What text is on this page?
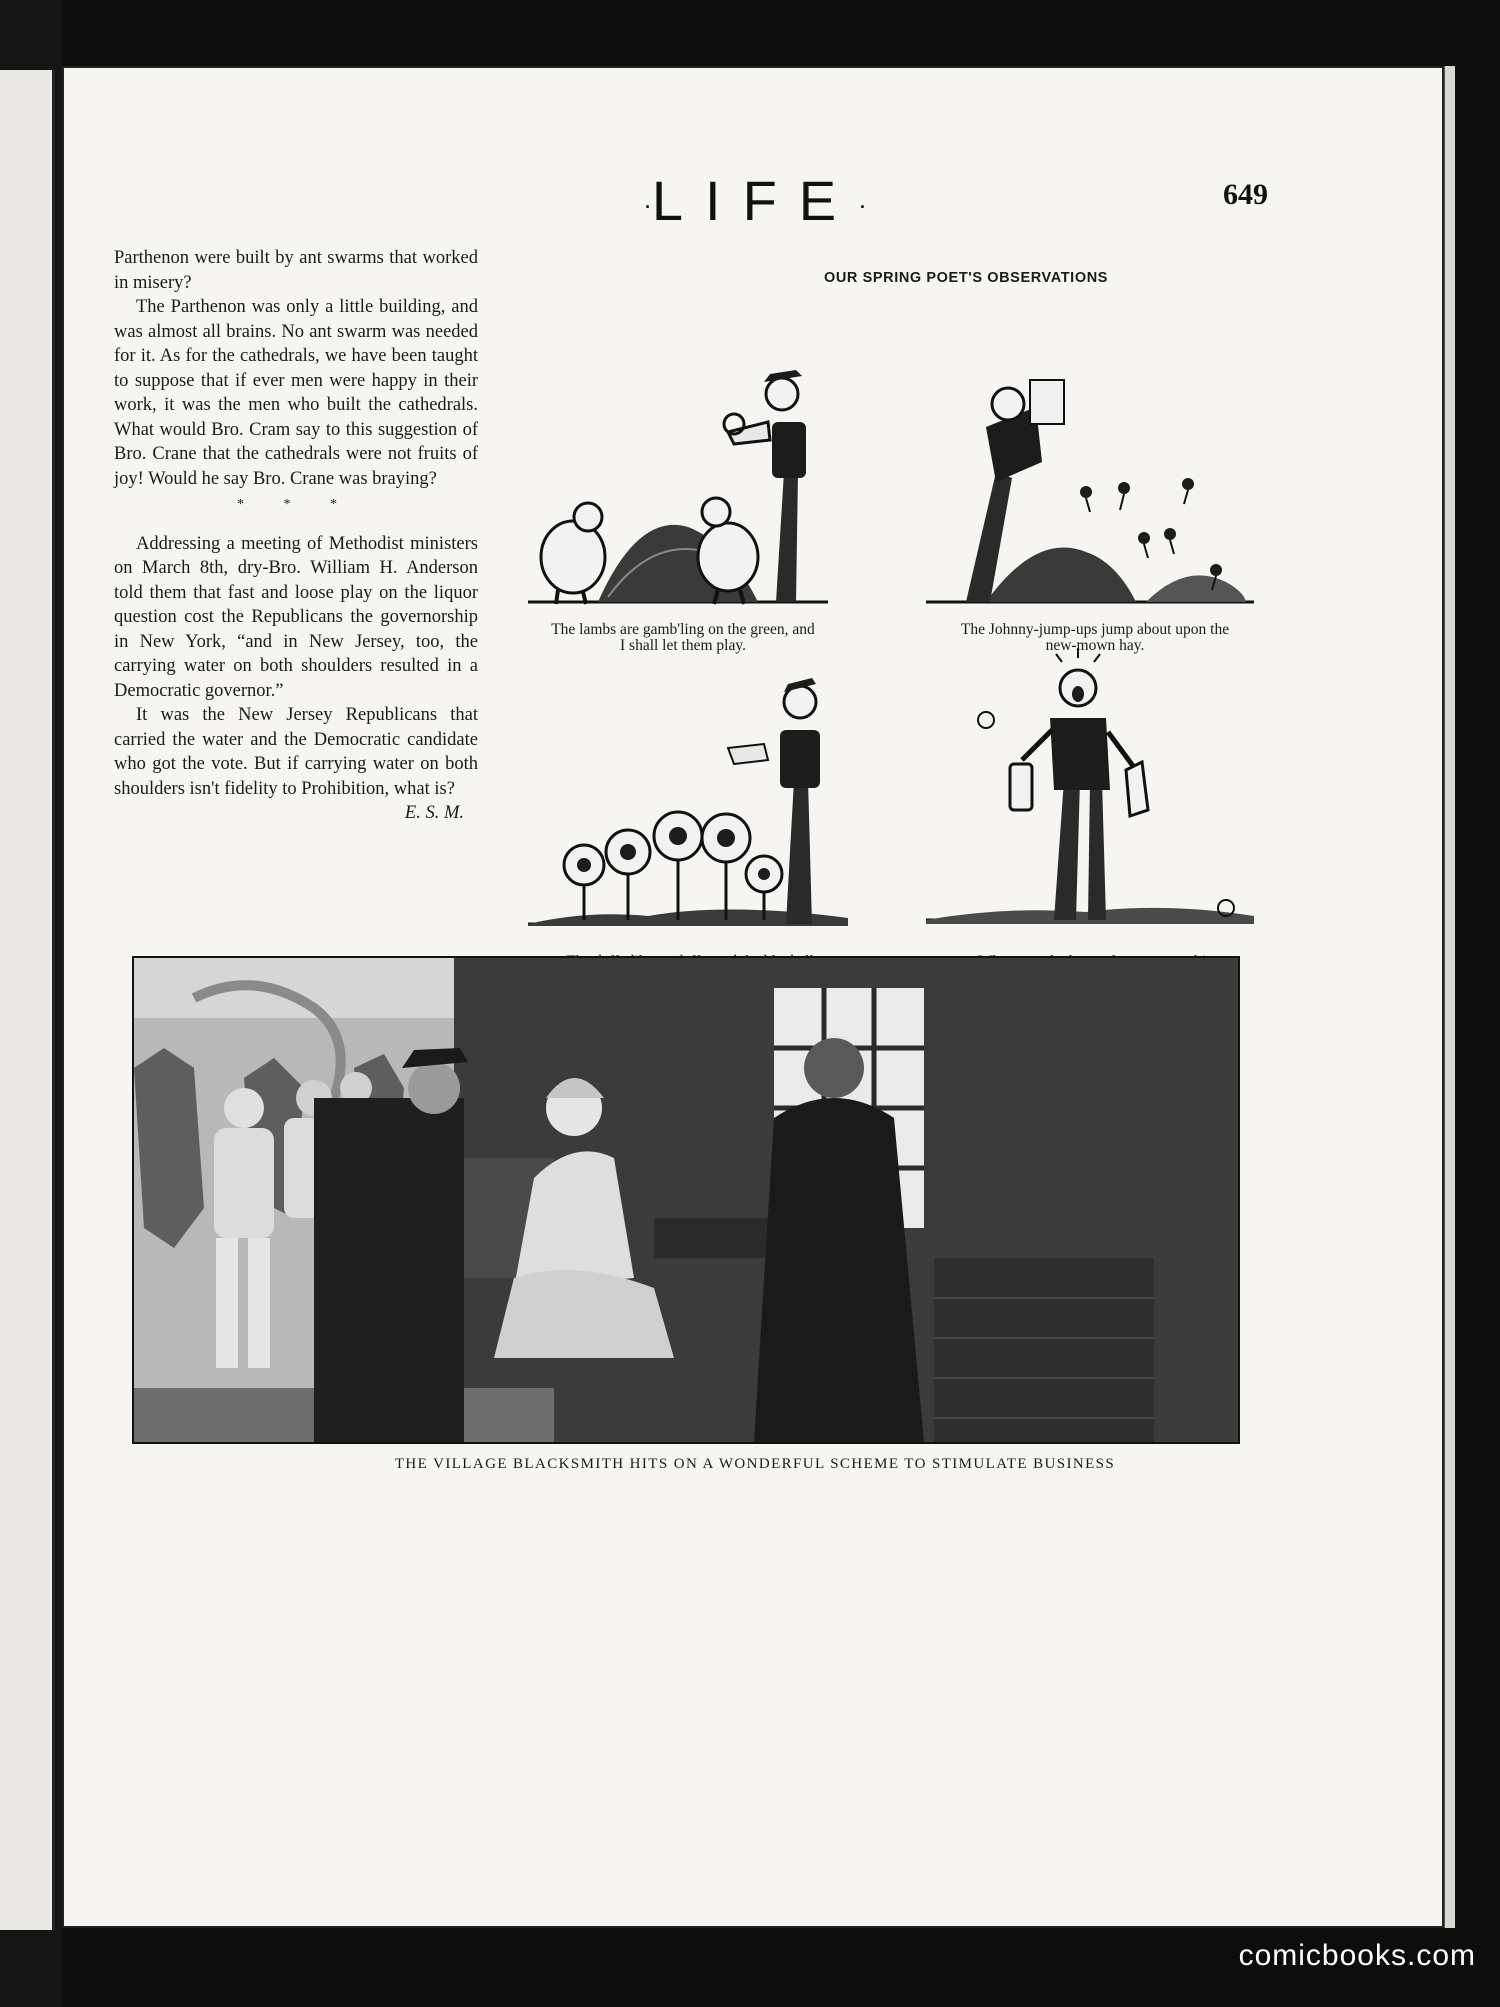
·LIFE·	649

Parthenon were built by ant swarms that worked in misery?

The Parthenon was only a little building, and was almost all brains. No ant swarm was needed for it. As for the cathedrals, we have been taught to suppose that if ever men were happy in their work, it was the men who built the cathedrals. What would Bro. Cram say to this suggestion of Bro. Crane that the cathedrals were not fruits of joy! Would he say Bro. Crane was braying?

* * *

Addressing a meeting of Methodist ministers on March 8th, dry-Bro. William H. Anderson told them that fast and loose play on the liquor question cost the Republicans the governorship in New York, “and in New Jersey, too, the carrying water on both shoulders resulted in a Democratic governor.”

It was the New Jersey Republicans that carried the water and the Democratic candidate who got the vote. But if carrying water on both shoulders isn't fidelity to Prohibition, what is?

E. S. M.
OUR SPRING POET'S OBSERVATIONS
The lambs are gamb'ling on the green, and I shall let them play.
The Johnny-jump-ups jump about upon the new-mown hay.
THE VILLAGE BLACKSMITH HITS ON A WONDERFUL SCHEME TO STIMULATE BUSINESS
comicbooks.com
